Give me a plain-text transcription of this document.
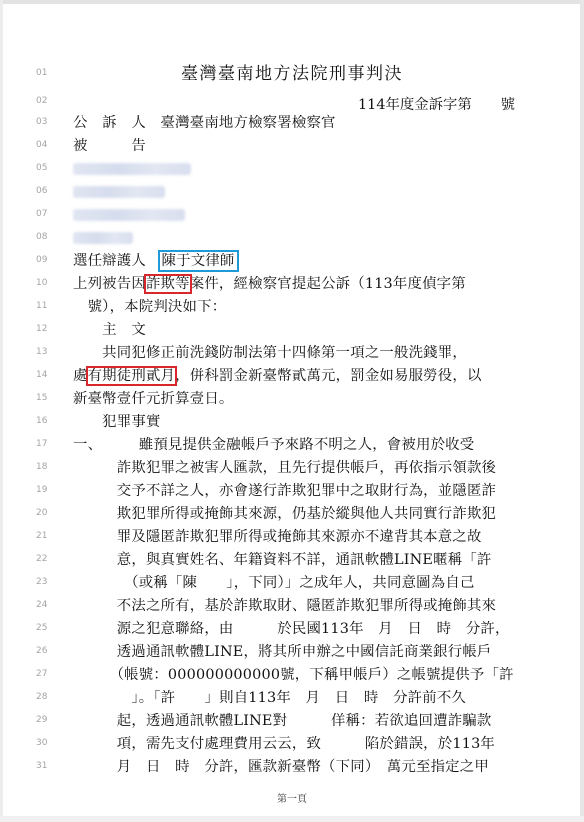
01	臺灣臺南地方法院刑事判決
02	114年度金訴字第　　號
03	公　訴　人　臺灣臺南地方檢察署檢察官
04	被　　　告
05
06
07
08
09	選任辯護人　陳于文律師
10	上列被告因詐欺等案件，經檢察官提起公訴（113年度偵字第
11	　號），本院判決如下：
12	　　主　文
13	　　共同犯修正前洗錢防制法第十四條第一項之一般洗錢罪，
14	處有期徒刑貳月，併科罰金新臺幣貳萬元，罰金如易服勞役，以
15	新臺幣壹仟元折算壹日。
16	　　犯罪事實
17	一、　　　雖預見提供金融帳戶予來路不明之人，會被用於收受
18	　　　詐欺犯罪之被害人匯款，且先行提供帳戶，再依指示領款後
19	　　　交予不詳之人，亦會遂行詐欺犯罪中之取財行為，並隱匿詐
20	　　　欺犯罪所得或掩飾其來源，仍基於縱與他人共同實行詐欺犯
21	　　　罪及隱匿詐欺犯罪所得或掩飾其來源亦不違背其本意之故
22	　　　意，與真實姓名、年籍資料不詳，通訊軟體LINE暱稱「許
23	　　　　（或稱「陳　　」，下同）」之成年人，共同意圖為自己
24	　　　不法之所有，基於詐欺取財、隱匿詐欺犯罪所得或掩飾其來
25	　　　源之犯意聯絡，由　　　於民國113年　月　日　時　分許，
26	　　　透過通訊軟體LINE，將其所申辦之中國信託商業銀行帳戶
27	　　　（帳號：000000000000號，下稱甲帳戶）之帳號提供予「許
28	　　　　」。「許　　」則自113年　月　日　時　分許前不久
29	　　　起，透過通訊軟體LINE對　　　佯稱：若欲追回遭詐騙款
30	　　　項，需先支付處理費用云云，致　　　陷於錯誤，於113年
31	　　　月　日　時　分許，匯款新臺幣（下同）　萬元至指定之甲
第一頁
